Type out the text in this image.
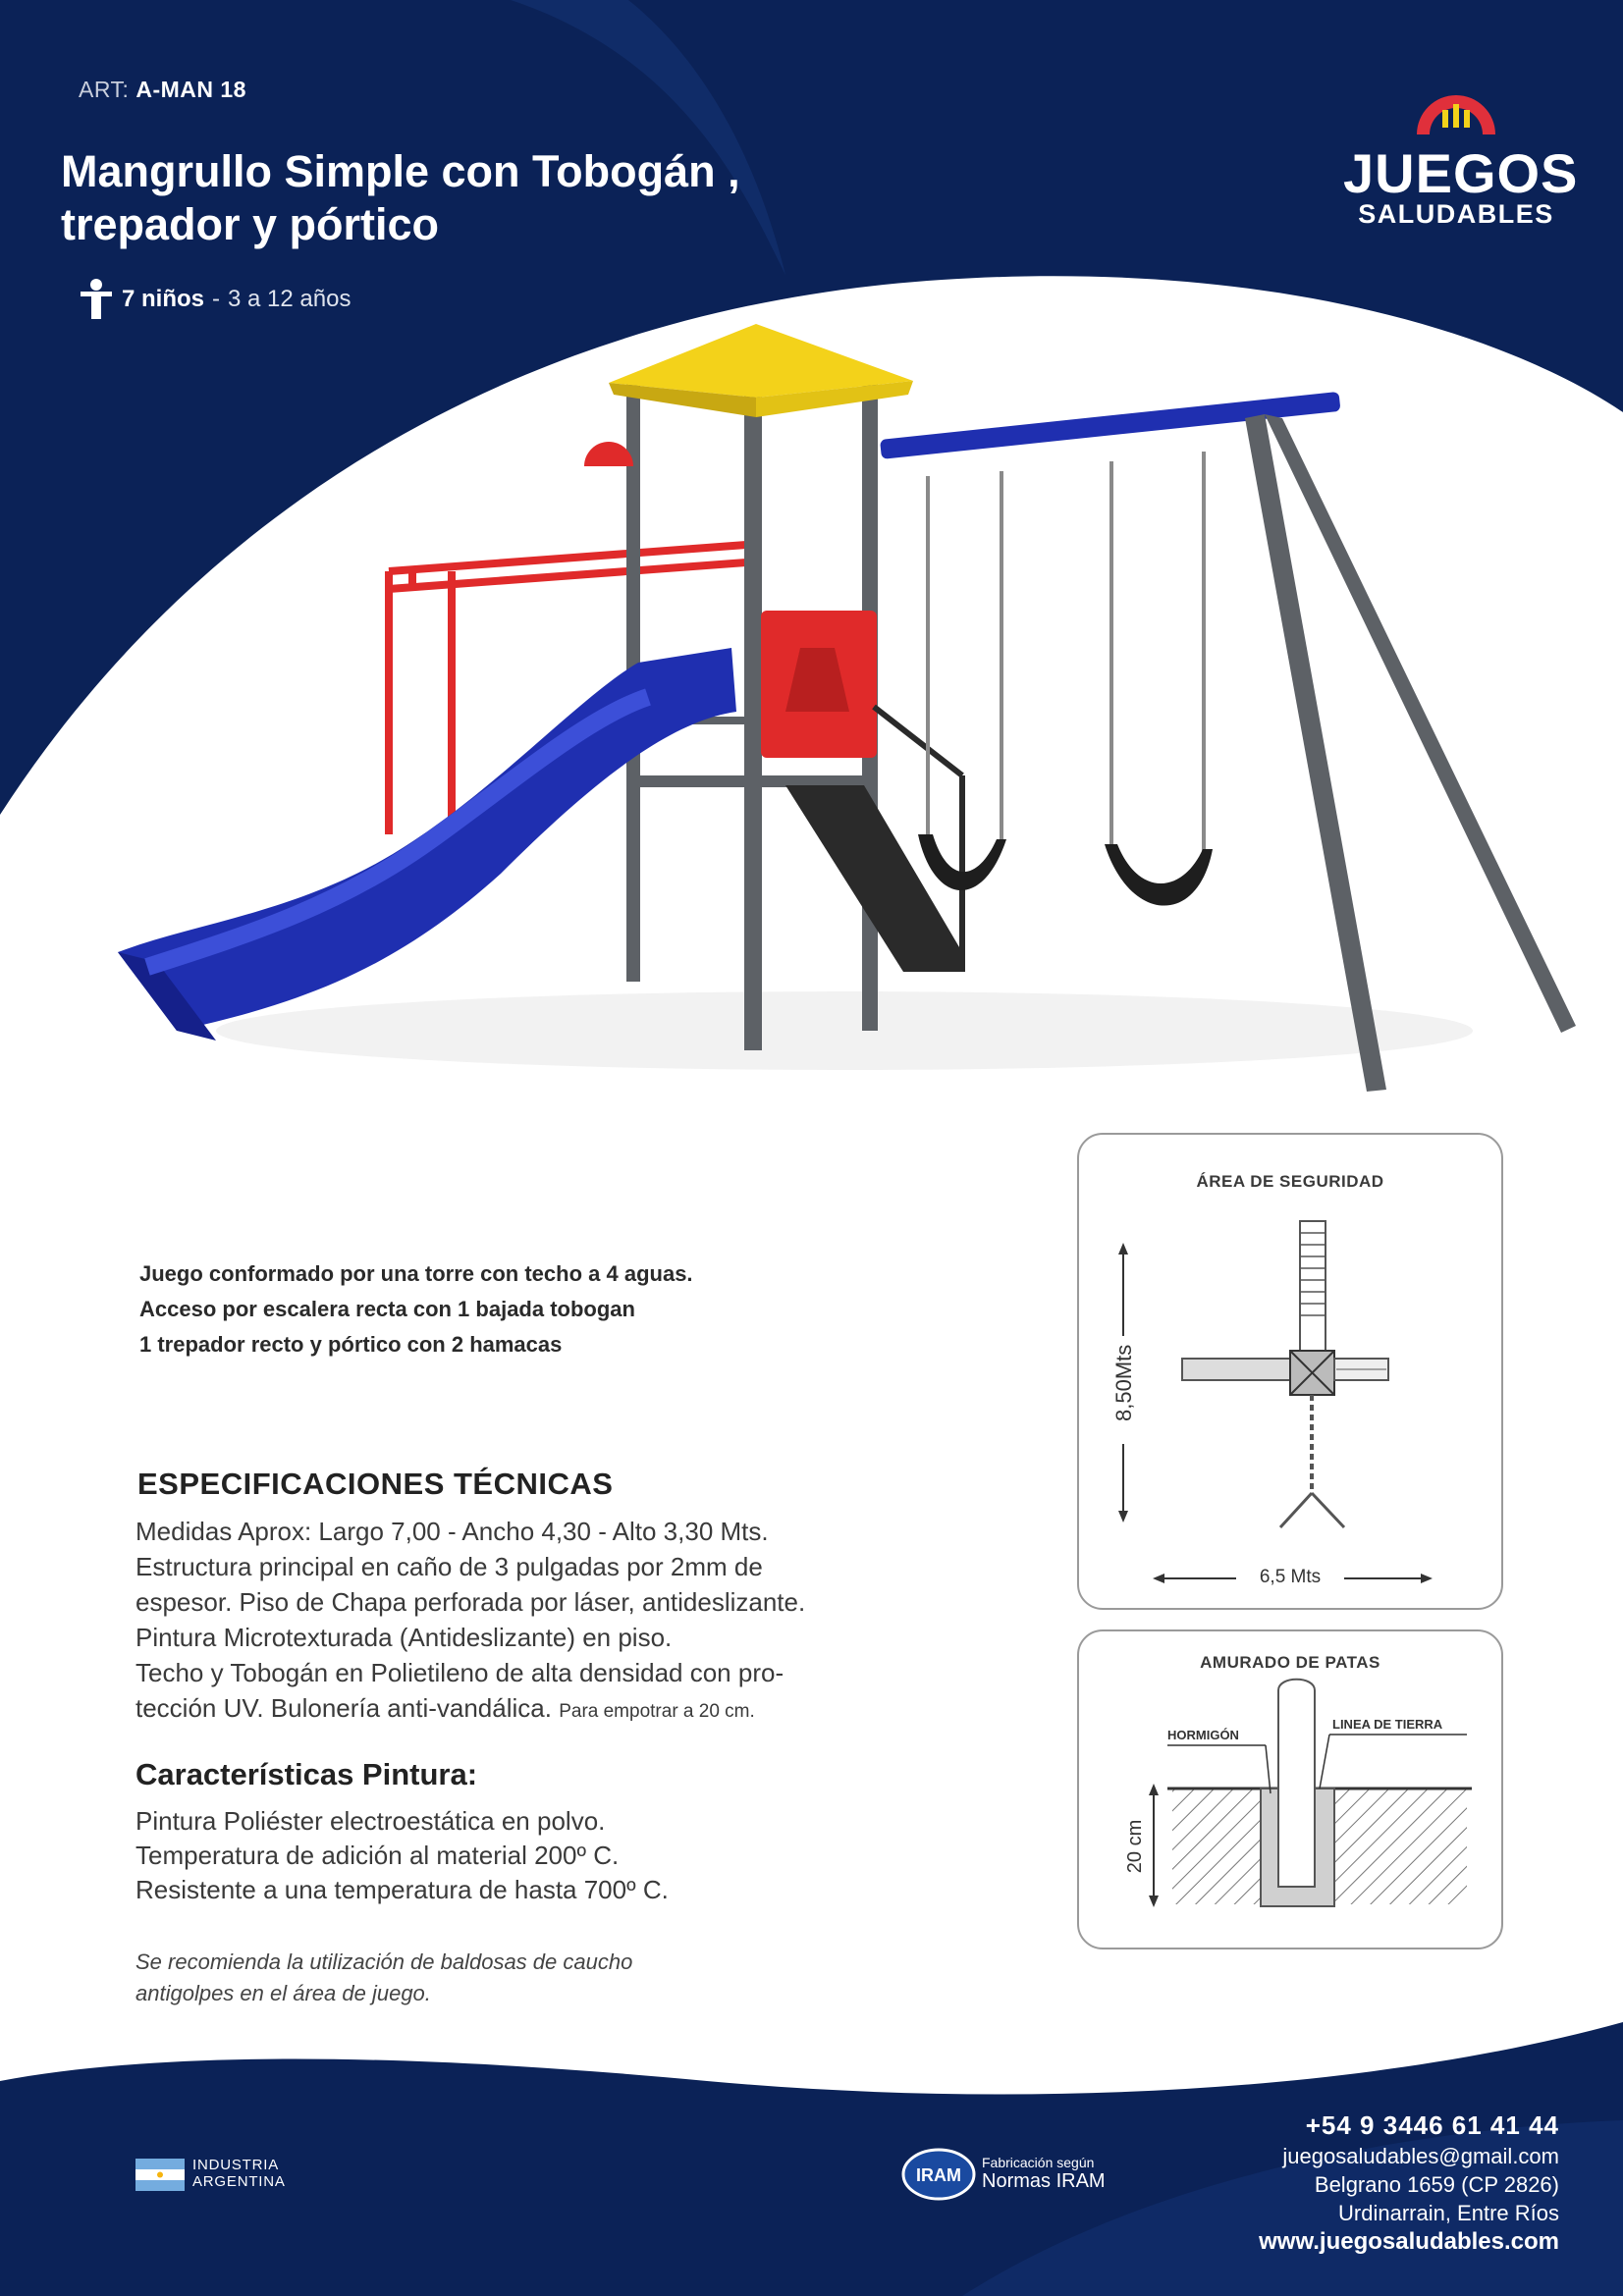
ART: A-MAN 18
Mangrullo Simple con Tobogán ,
trepador y pórtico
7 niños - 3 a 12 años
JUEGOS
SALUDABLES
Juego conformado por una torre con techo a 4 aguas.
Acceso por escalera recta con 1 bajada tobogan
1 trepador recto y pórtico con 2 hamacas
ESPECIFICACIONES TÉCNICAS
Medidas Aprox: Largo 7,00 - Ancho 4,30 - Alto 3,30 Mts.
Estructura principal en caño de 3 pulgadas por 2mm de
espesor. Piso de Chapa perforada por láser, antideslizante.
Pintura Microtexturada (Antideslizante) en piso.
Techo y Tobogán en Polietileno de alta densidad con pro-
tección UV. Bulonería anti-vandálica. Para empotrar a 20 cm.
Características Pintura:
Pintura Poliéster electroestática en polvo.
Temperatura de adición al material 200º C.
Resistente a una temperatura de hasta 700º C.
Se recomienda la utilización de baldosas de caucho
antigolpes en el área de juego.
ÁREA DE SEGURIDAD
8,50Mts
6,5 Mts
AMURADO DE PATAS
HORMIGÓN
LINEA DE TIERRA
20 cm
INDUSTRIA
ARGENTINA	IRAM
Fabricación según
Normas IRAM
+54 9 3446 61 41 44
juegosaludables@gmail.com
Belgrano 1659 (CP 2826)
Urdinarrain, Entre Ríos
www.juegosaludables.com
